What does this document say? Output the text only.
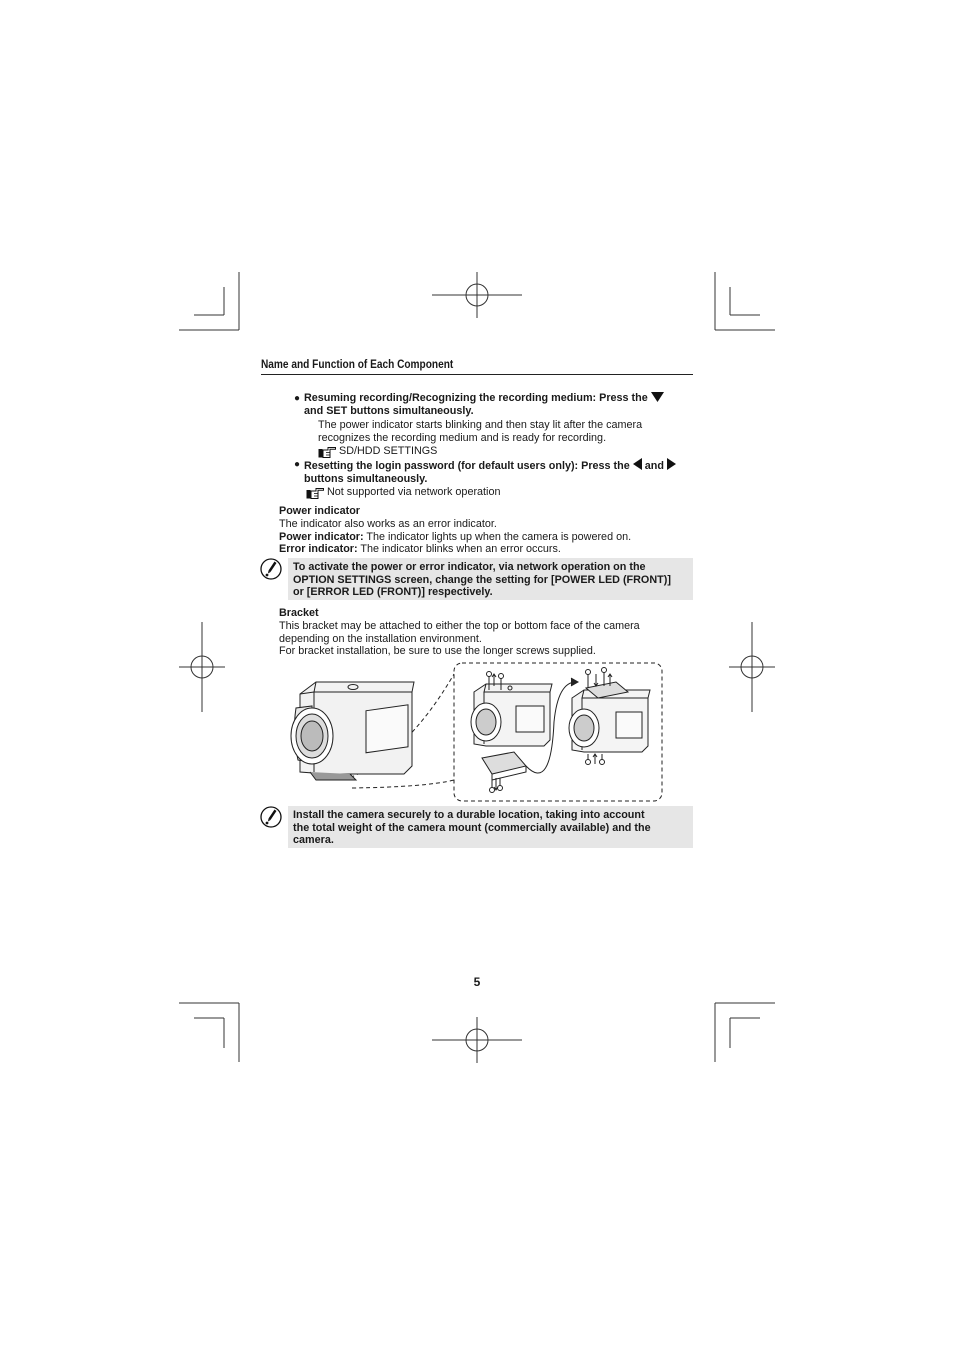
Name and Function of Each Component
● Resuming recording/Recognizing the recording medium: Press the
and SET buttons simultaneously.
The power indicator starts blinking and then stay lit after the camera
recognizes the recording medium and is ready for recording.
SD/HDD SETTINGS
● Resetting the login password (for default users only): Press the and
buttons simultaneously.
Not supported via network operation
Power indicator
The indicator also works as an error indicator.
Power indicator: The indicator lights up when the camera is powered on.
Error indicator: The indicator blinks when an error occurs.
To activate the power or error indicator, via network operation on the
OPTION SETTINGS screen, change the setting for [POWER LED (FRONT)]
or [ERROR LED (FRONT)] respectively.
Bracket
This bracket may be attached to either the top or bottom face of the camera
depending on the installation environment.
For bracket installation, be sure to use the longer screws supplied.
Install the camera securely to a durable location, taking into account
the total weight of the camera mount (commercially available) and the
camera.
5
